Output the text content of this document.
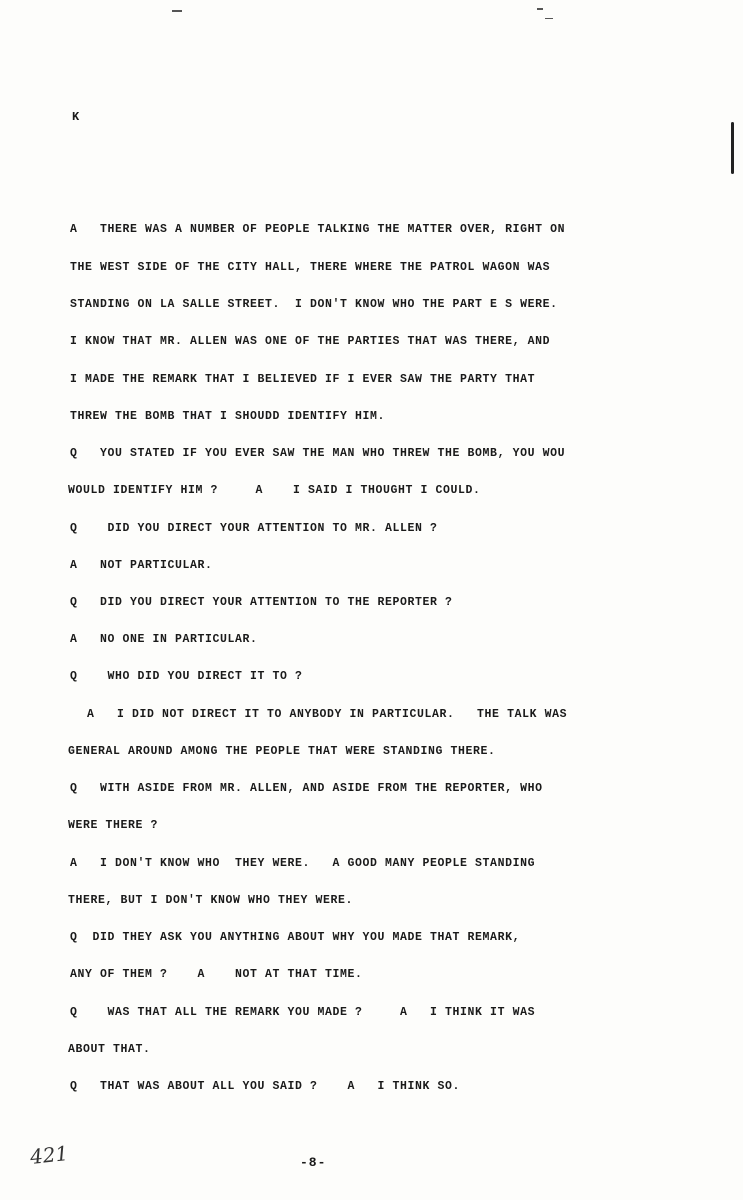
K
A   THERE WAS A NUMBER OF PEOPLE TALKING THE MATTER OVER, RIGHT ON
THE WEST SIDE OF THE CITY HALL, THERE WHERE THE PATROL WAGON WAS
STANDING ON LA SALLE STREET.  I DON'T KNOW WHO THE PART E S WERE.
I KNOW THAT MR. ALLEN WAS ONE OF THE PARTIES THAT WAS THERE, AND
I MADE THE REMARK THAT I BELIEVED IF I EVER SAW THE PARTY THAT
THREW THE BOMB THAT I SHOUDD IDENTIFY HIM.
Q   YOU STATED IF YOU EVER SAW THE MAN WHO THREW THE BOMB, YOU WOU
WOULD IDENTIFY HIM ?     A    I SAID I THOUGHT I COULD.
Q    DID YOU DIRECT YOUR ATTENTION TO MR. ALLEN ?
A   NOT PARTICULAR.
Q   DID YOU DIRECT YOUR ATTENTION TO THE REPORTER ?
A   NO ONE IN PARTICULAR.
Q    WHO DID YOU DIRECT IT TO ?
A   I DID NOT DIRECT IT TO ANYBODY IN PARTICULAR.   THE TALK WAS
GENERAL AROUND AMONG THE PEOPLE THAT WERE STANDING THERE.
Q   WITH ASIDE FROM MR. ALLEN, AND ASIDE FROM THE REPORTER, WHO
WERE THERE ?
A   I DON'T KNOW WHO  THEY WERE.   A GOOD MANY PEOPLE STANDING
THERE, BUT I DON'T KNOW WHO THEY WERE.
Q  DID THEY ASK YOU ANYTHING ABOUT WHY YOU MADE THAT REMARK,
ANY OF THEM ?    A    NOT AT THAT TIME.
Q    WAS THAT ALL THE REMARK YOU MADE ?     A   I THINK IT WAS
ABOUT THAT.
Q   THAT WAS ABOUT ALL YOU SAID ?    A   I THINK SO.
421	-8-
